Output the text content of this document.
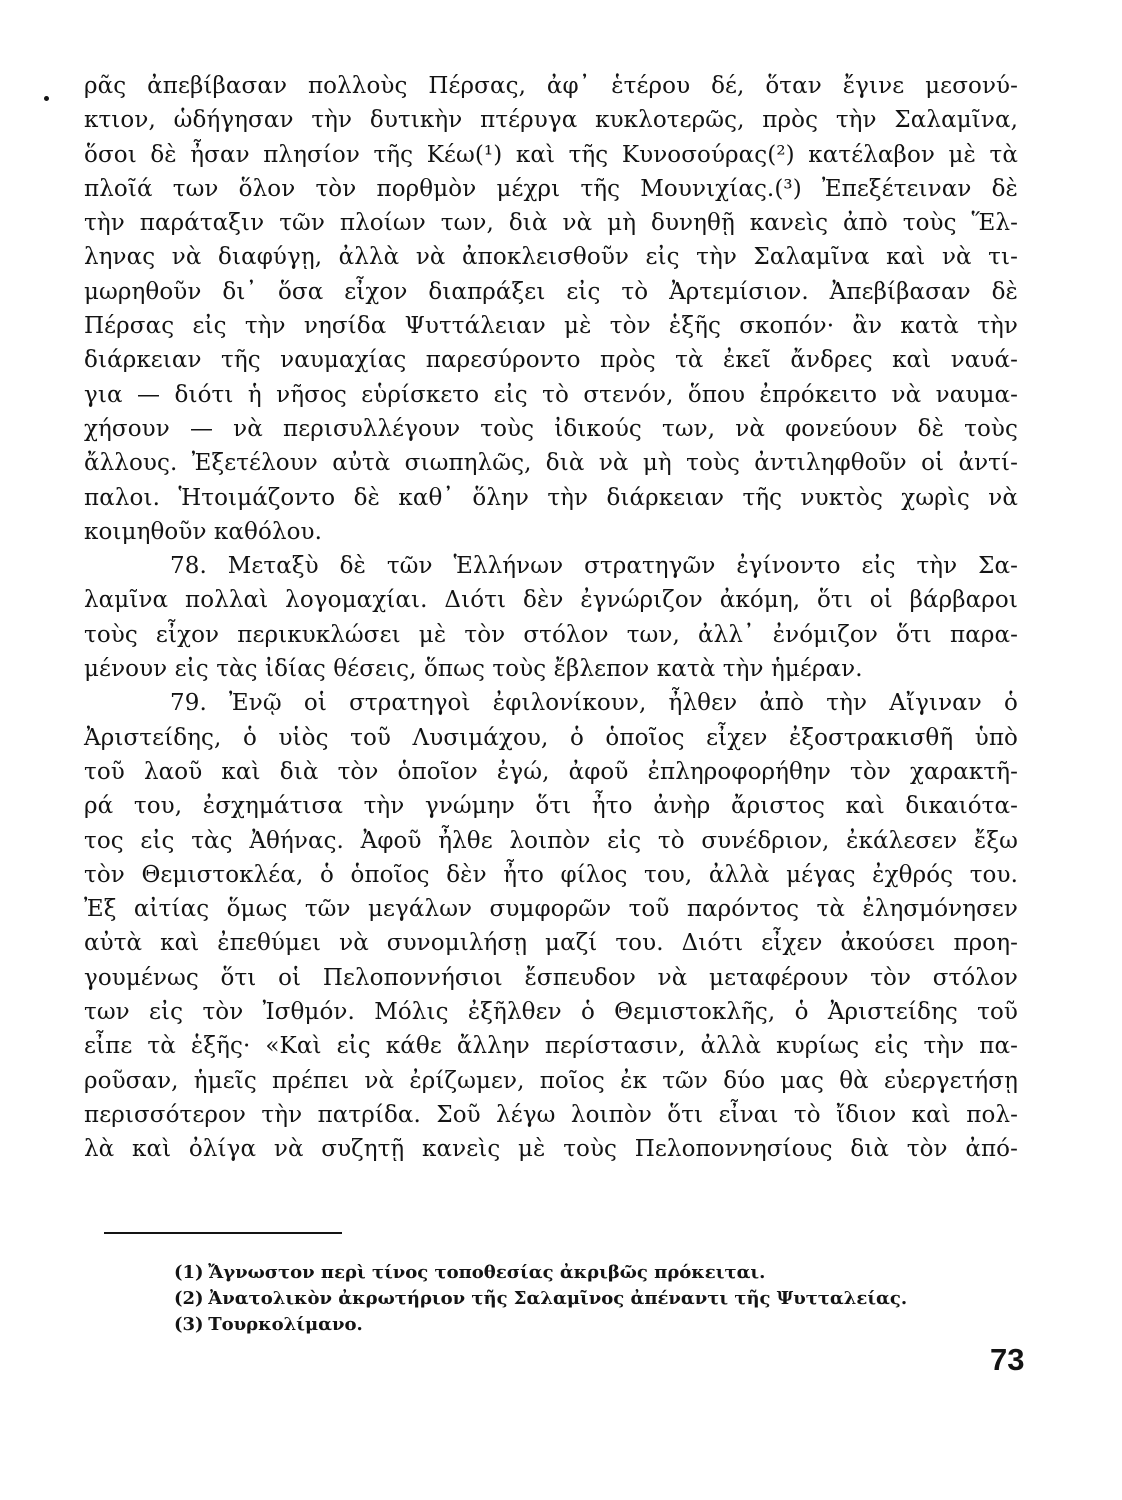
ρᾶς ἀπεβίβασαν πολλοὺς Πέρσας, ἀφ᾽ ἑτέρου δέ, ὅταν ἔγινε μεσονύ-
κτιον, ὡδήγησαν τὴν δυτικὴν πτέρυγα κυκλοτερῶς, πρὸς τὴν Σαλαμῖνα,
ὅσοι δὲ ἦσαν πλησίον τῆς Κέω(¹) καὶ τῆς Κυνοσούρας(²) κατέλαβον μὲ τὰ
πλοῖά των ὅλον τὸν πορθμὸν μέχρι τῆς Μουνιχίας.(³) Ἐπεξέτειναν δὲ
τὴν παράταξιν τῶν πλοίων των, διὰ νὰ μὴ δυνηθῇ κανεὶς ἀπὸ τοὺς Ἕλ-
ληνας νὰ διαφύγῃ, ἀλλὰ νὰ ἀποκλεισθοῦν εἰς τὴν Σαλαμῖνα καὶ νὰ τι-
μωρηθοῦν δι᾽ ὅσα εἶχον διαπράξει εἰς τὸ Ἀρτεμίσιον. Ἀπεβίβασαν δὲ
Πέρσας εἰς τὴν νησίδα Ψυττάλειαν μὲ τὸν ἑξῆς σκοπόν· ἂν κατὰ τὴν
διάρκειαν τῆς ναυμαχίας παρεσύροντο πρὸς τὰ ἐκεῖ ἄνδρες καὶ ναυά-
για — διότι ἡ νῆσος εὑρίσκετο εἰς τὸ στενόν, ὅπου ἐπρόκειτο νὰ ναυμα-
χήσουν — νὰ περισυλλέγουν τοὺς ἰδικούς των, νὰ φονεύουν δὲ τοὺς
ἄλλους. Ἐξετέλουν αὐτὰ σιωπηλῶς, διὰ νὰ μὴ τοὺς ἀντιληφθοῦν οἱ ἀντί-
παλοι. Ἡτοιμάζοντο δὲ καθ᾽ ὅλην τὴν διάρκειαν τῆς νυκτὸς χωρὶς νὰ
κοιμηθοῦν καθόλου.
78. Μεταξὺ δὲ τῶν Ἑλλήνων στρατηγῶν ἐγίνοντο εἰς τὴν Σα-
λαμῖνα πολλαὶ λογομαχίαι. Διότι δὲν ἐγνώριζον ἀκόμη, ὅτι οἱ βάρβαροι
τοὺς εἶχον περικυκλώσει μὲ τὸν στόλον των, ἀλλ᾽ ἐνόμιζον ὅτι παρα-
μένουν εἰς τὰς ἰδίας θέσεις, ὅπως τοὺς ἔβλεπον κατὰ τὴν ἡμέραν.
79. Ἐνῷ οἱ στρατηγοὶ ἐφιλονίκουν, ἦλθεν ἀπὸ τὴν Αἴγιναν ὁ
Ἀριστείδης, ὁ υἱὸς τοῦ Λυσιμάχου, ὁ ὁποῖος εἶχεν ἐξοστρακισθῆ ὑπὸ
τοῦ λαοῦ καὶ διὰ τὸν ὁποῖον ἐγώ, ἀφοῦ ἐπληροφορήθην τὸν χαρακτῆ-
ρά του, ἐσχημάτισα τὴν γνώμην ὅτι ἦτο ἀνὴρ ἄριστος καὶ δικαιότα-
τος εἰς τὰς Ἀθήνας. Ἀφοῦ ἦλθε λοιπὸν εἰς τὸ συνέδριον, ἐκάλεσεν ἔξω
τὸν Θεμιστοκλέα, ὁ ὁποῖος δὲν ἦτο φίλος του, ἀλλὰ μέγας ἐχθρός του.
Ἐξ αἰτίας ὅμως τῶν μεγάλων συμφορῶν τοῦ παρόντος τὰ ἐλησμόνησεν
αὐτὰ καὶ ἐπεθύμει νὰ συνομιλήσῃ μαζί του. Διότι εἶχεν ἀκούσει προη-
γουμένως ὅτι οἱ Πελοποννήσιοι ἔσπευδον νὰ μεταφέρουν τὸν στόλον
των εἰς τὸν Ἰσθμόν. Μόλις ἐξῆλθεν ὁ Θεμιστοκλῆς, ὁ Ἀριστείδης τοῦ
εἶπε τὰ ἑξῆς· «Καὶ εἰς κάθε ἄλλην περίστασιν, ἀλλὰ κυρίως εἰς τὴν πα-
ροῦσαν, ἡμεῖς πρέπει νὰ ἐρίζωμεν, ποῖος ἐκ τῶν δύο μας θὰ εὐεργετήσῃ
περισσότερον τὴν πατρίδα. Σοῦ λέγω λοιπὸν ὅτι εἶναι τὸ ἴδιον καὶ πολ-
λὰ καὶ ὀλίγα νὰ συζητῇ κανεὶς μὲ τοὺς Πελοποννησίους διὰ τὸν ἀπό-
(1) Ἄγνωστον περὶ τίνος τοποθεσίας ἀκριβῶς πρόκειται.
(2) Ἀνατολικὸν ἀκρωτήριον τῆς Σαλαμῖνος ἀπέναντι τῆς Ψυτταλείας.
(3) Τουρκολίμανο.
73
